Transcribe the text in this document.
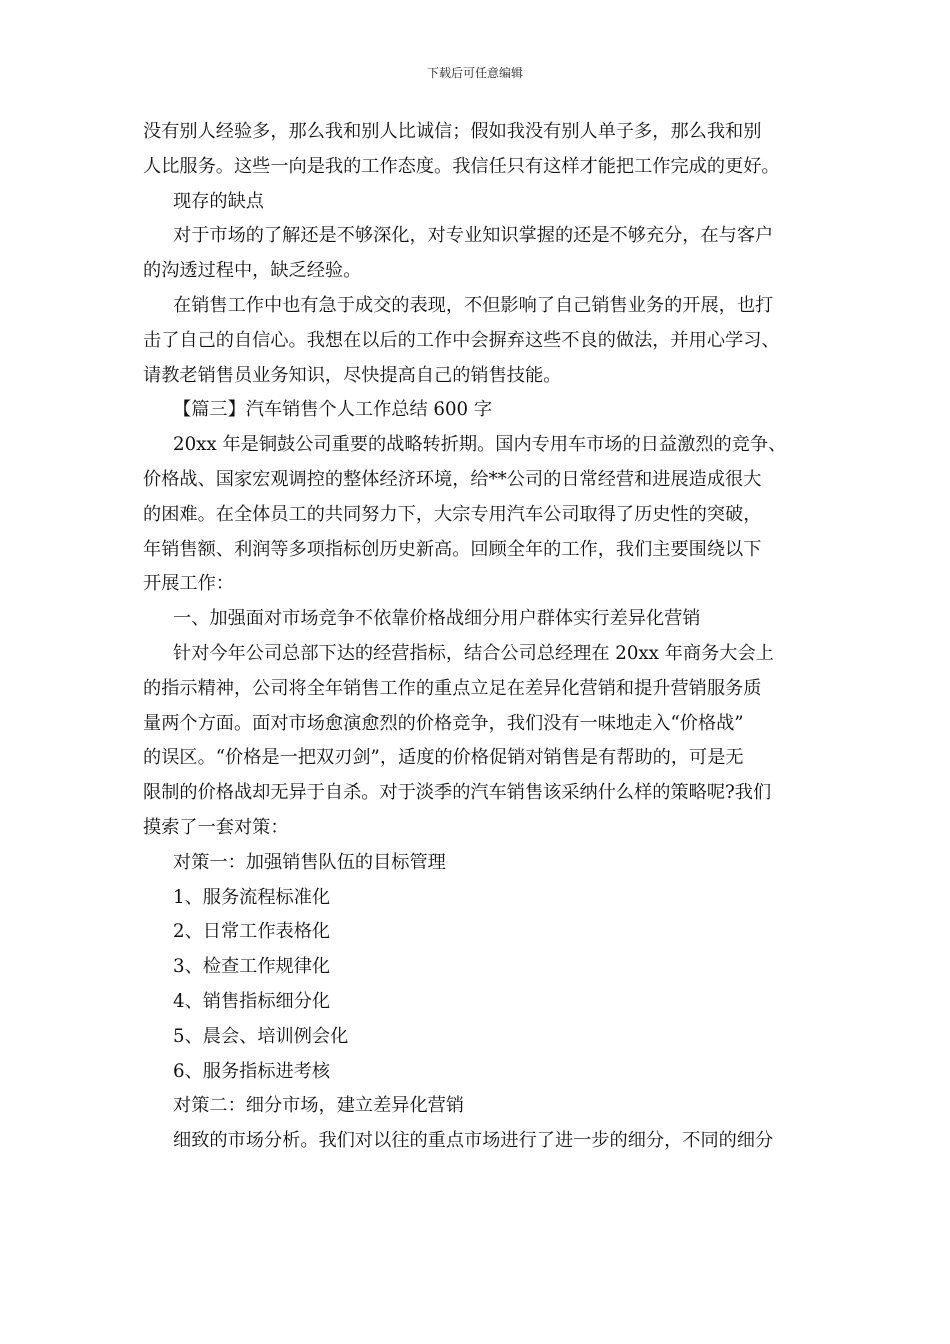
下载后可任意编辑

没有别人经验多，那么我和别人比诚信；假如我没有别人单子多，那么我和别

人比服务。这些一向是我的工作态度。我信任只有这样才能把工作完成的更好。

现存的缺点

对于市场的了解还是不够深化，对专业知识掌握的还是不够充分，在与客户

的沟透过程中，缺乏经验。

在销售工作中也有急于成交的表现，不但影响了自己销售业务的开展，也打

击了自己的自信心。我想在以后的工作中会摒弃这些不良的做法，并用心学习、

请教老销售员业务知识，尽快提高自己的销售技能。

【篇三】汽车销售个人工作总结 600 字

20xx 年是铜鼓公司重要的战略转折期。国内专用车市场的日益激烈的竞争、

价格战、国家宏观调控的整体经济环境，给**公司的日常经营和进展造成很大

的困难。在全体员工的共同努力下，大宗专用汽车公司取得了历史性的突破，

年销售额、利润等多项指标创历史新高。回顾全年的工作，我们主要围绕以下

开展工作：

一、加强面对市场竞争不依靠价格战细分用户群体实行差异化营销

针对今年公司总部下达的经营指标，结合公司总经理在 20xx 年商务大会上

的指示精神，公司将全年销售工作的重点立足在差异化营销和提升营销服务质

量两个方面。面对市场愈演愈烈的价格竞争，我们没有一味地走入“价格战”

的误区。“价格是一把双刃剑”，适度的价格促销对销售是有帮助的，可是无

限制的价格战却无异于自杀。对于淡季的汽车销售该采纳什么样的策略呢?我们

摸索了一套对策：

对策一：加强销售队伍的目标管理

1、服务流程标准化

2、日常工作表格化

3、检查工作规律化

4、销售指标细分化

5、晨会、培训例会化

6、服务指标进考核

对策二：细分市场，建立差异化营销

细致的市场分析。我们对以往的重点市场进行了进一步的细分，不同的细分
